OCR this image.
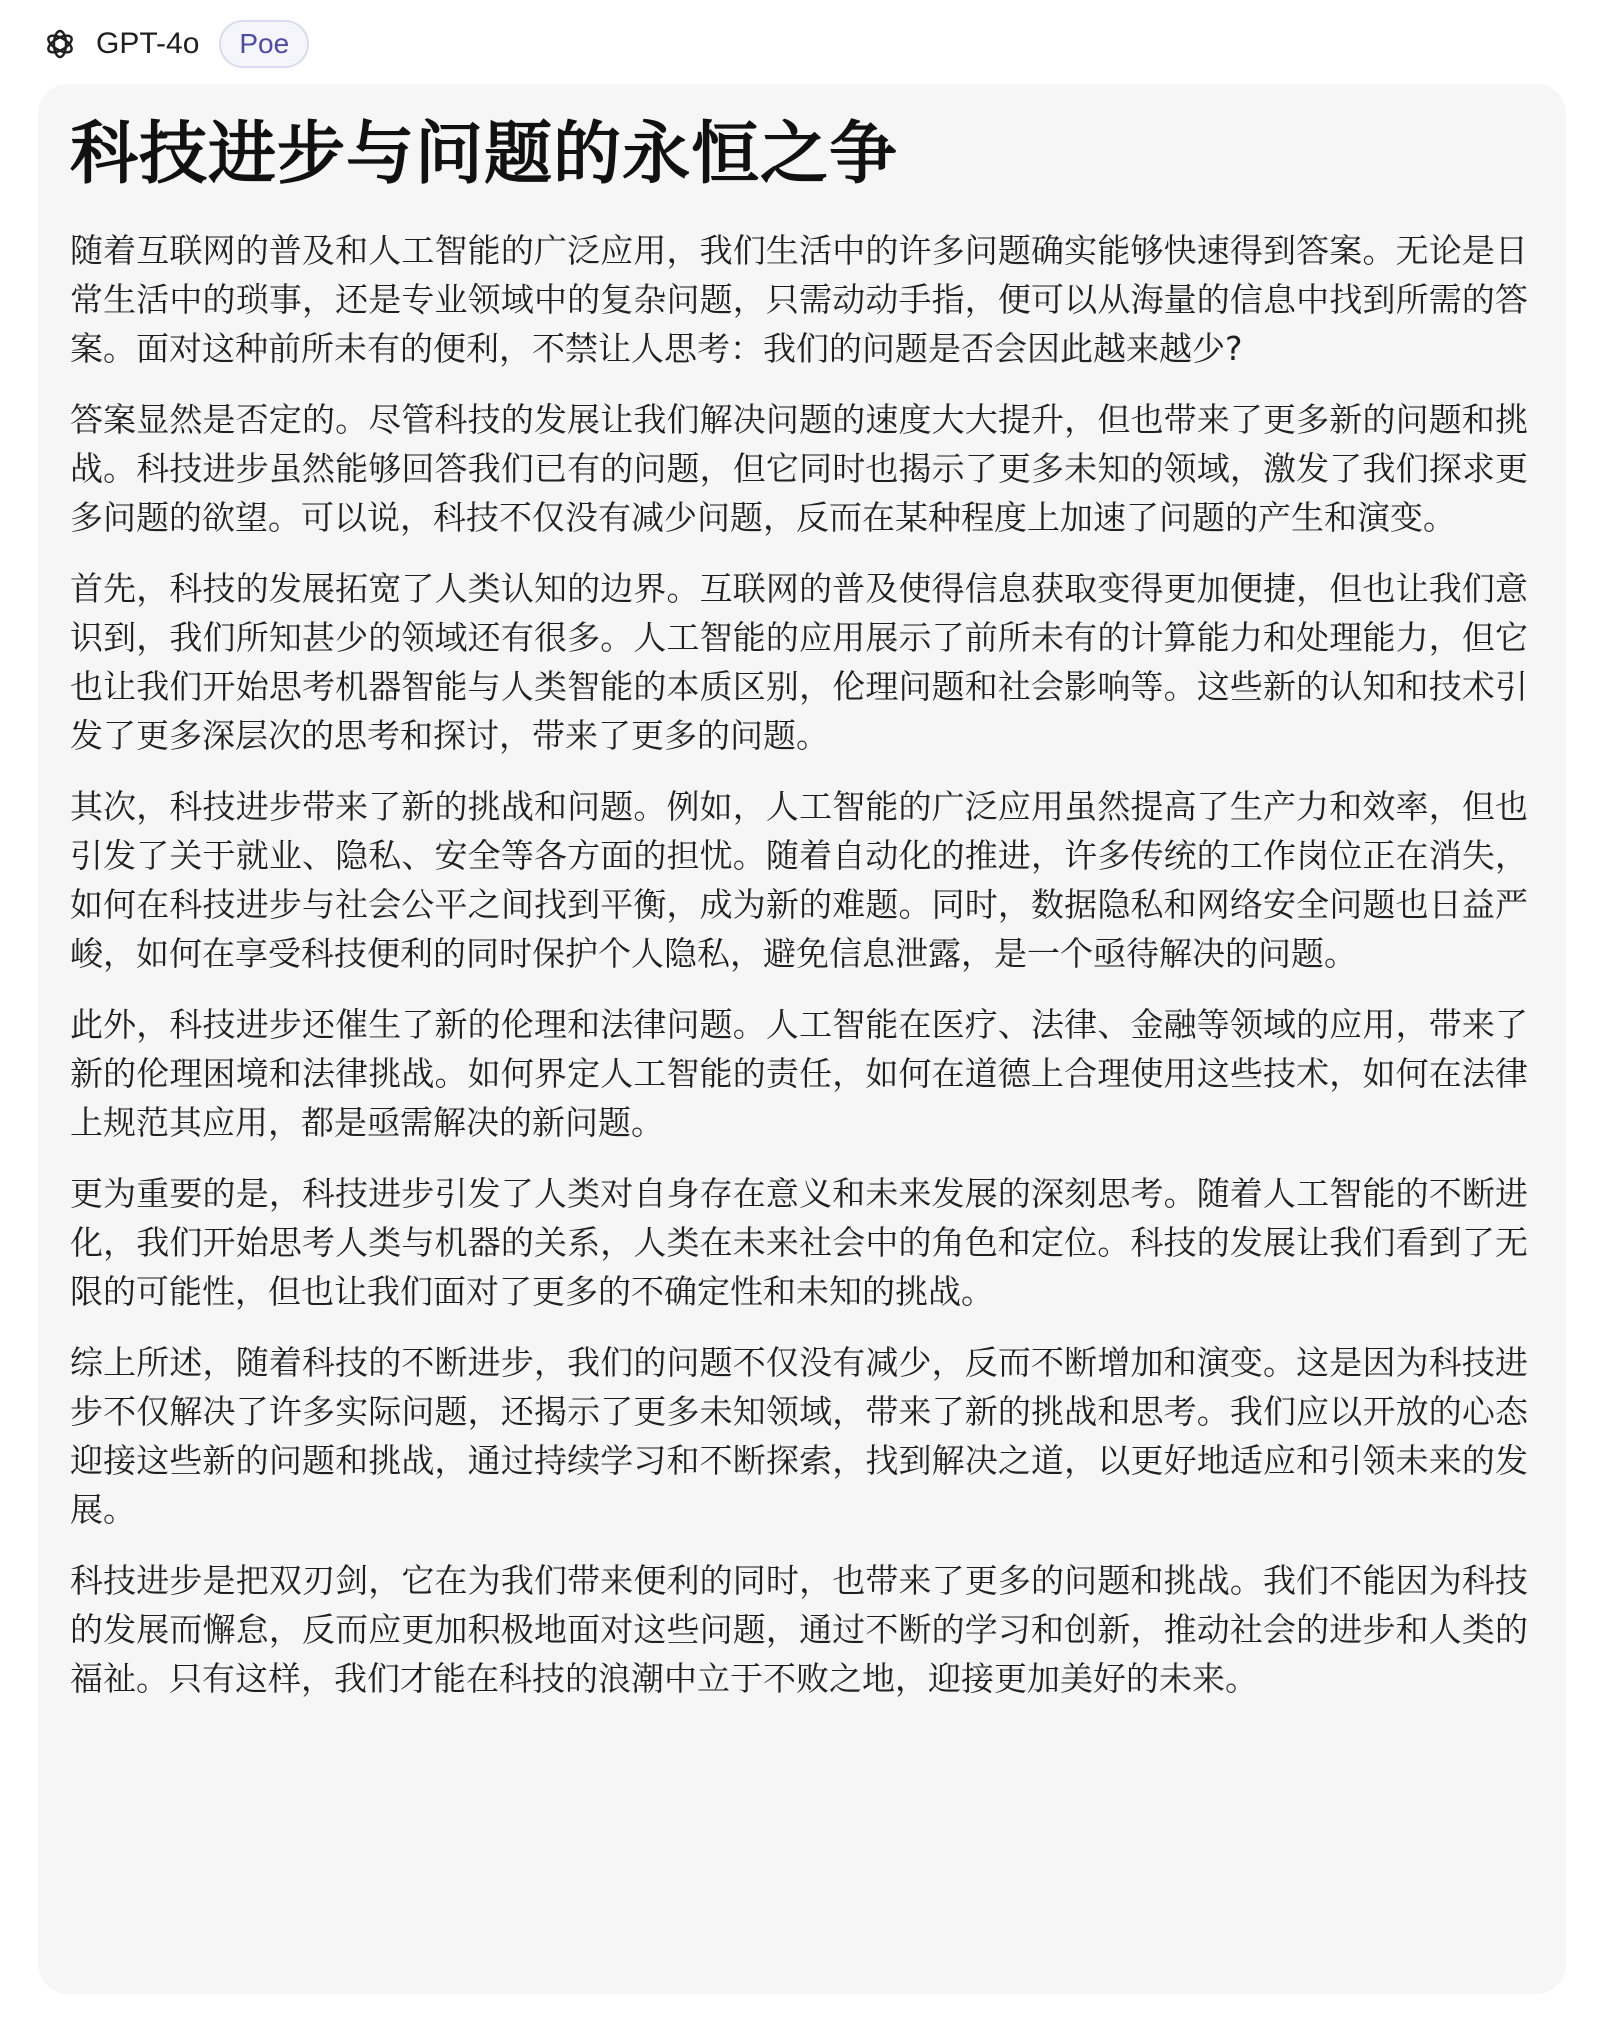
GPT-4o	Poe
科技进步与问题的永恒之争

随着互联网的普及和人工智能的广泛应用，我们生活中的许多问题确实能够快速得到答案。无论是日常生活中的琐事，还是专业领域中的复杂问题，只需动动手指，便可以从海量的信息中找到所需的答案。面对这种前所未有的便利，不禁让人思考：我们的问题是否会因此越来越少?

答案显然是否定的。尽管科技的发展让我们解决问题的速度大大提升，但也带来了更多新的问题和挑战。科技进步虽然能够回答我们已有的问题，但它同时也揭示了更多未知的领域，激发了我们探求更多问题的欲望。可以说，科技不仅没有减少问题，反而在某种程度上加速了问题的产生和演变。

首先，科技的发展拓宽了人类认知的边界。互联网的普及使得信息获取变得更加便捷，但也让我们意识到，我们所知甚少的领域还有很多。人工智能的应用展示了前所未有的计算能力和处理能力，但它也让我们开始思考机器智能与人类智能的本质区别，伦理问题和社会影响等。这些新的认知和技术引发了更多深层次的思考和探讨，带来了更多的问题。

其次，科技进步带来了新的挑战和问题。例如，人工智能的广泛应用虽然提高了生产力和效率，但也引发了关于就业、隐私、安全等各方面的担忧。随着自动化的推进，许多传统的工作岗位正在消失，如何在科技进步与社会公平之间找到平衡，成为新的难题。同时，数据隐私和网络安全问题也日益严峻，如何在享受科技便利的同时保护个人隐私，避免信息泄露，是一个亟待解决的问题。

此外，科技进步还催生了新的伦理和法律问题。人工智能在医疗、法律、金融等领域的应用，带来了新的伦理困境和法律挑战。如何界定人工智能的责任，如何在道德上合理使用这些技术，如何在法律上规范其应用，都是亟需解决的新问题。

更为重要的是，科技进步引发了人类对自身存在意义和未来发展的深刻思考。随着人工智能的不断进化，我们开始思考人类与机器的关系，人类在未来社会中的角色和定位。科技的发展让我们看到了无限的可能性，但也让我们面对了更多的不确定性和未知的挑战。

综上所述，随着科技的不断进步，我们的问题不仅没有减少，反而不断增加和演变。这是因为科技进步不仅解决了许多实际问题，还揭示了更多未知领域，带来了新的挑战和思考。我们应以开放的心态迎接这些新的问题和挑战，通过持续学习和不断探索，找到解决之道，以更好地适应和引领未来的发展。

科技进步是把双刃剑，它在为我们带来便利的同时，也带来了更多的问题和挑战。我们不能因为科技的发展而懈怠，反而应更加积极地面对这些问题，通过不断的学习和创新，推动社会的进步和人类的福祉。只有这样，我们才能在科技的浪潮中立于不败之地，迎接更加美好的未来。
